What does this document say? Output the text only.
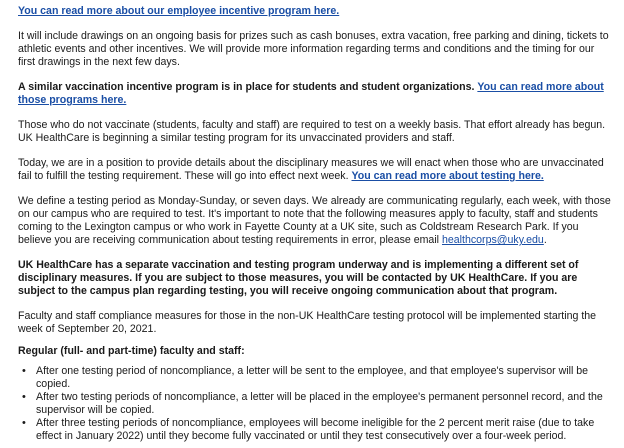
You can read more about our employee incentive program here.

It will include drawings on an ongoing basis for prizes such as cash bonuses, extra vacation, free parking and dining, tickets to athletic events and other incentives. We will provide more information regarding terms and conditions and the timing for our first drawings in the next few days.

A similar vaccination incentive program is in place for students and student organizations. You can read more about those programs here.

Those who do not vaccinate (students, faculty and staff) are required to test on a weekly basis. That effort already has begun. UK HealthCare is beginning a similar testing program for its unvaccinated providers and staff.

Today, we are in a position to provide details about the disciplinary measures we will enact when those who are unvaccinated fail to fulfill the testing requirement. These will go into effect next week. You can read more about testing here.

We define a testing period as Monday-Sunday, or seven days. We already are communicating regularly, each week, with those on our campus who are required to test. It's important to note that the following measures apply to faculty, staff and students coming to the Lexington campus or who work in Fayette County at a UK site, such as Coldstream Research Park. If you believe you are receiving communication about testing requirements in error, please email healthcorps@uky.edu.

UK HealthCare has a separate vaccination and testing program underway and is implementing a different set of disciplinary measures. If you are subject to those measures, you will be contacted by UK HealthCare. If you are subject to the campus plan regarding testing, you will receive ongoing communication about that program.

Faculty and staff compliance measures for those in the non-UK HealthCare testing protocol will be implemented starting the week of September 20, 2021.

Regular (full- and part-time) faculty and staff:

• After one testing period of noncompliance, a letter will be sent to the employee, and that employee's supervisor will be copied.
• After two testing periods of noncompliance, a letter will be placed in the employee's permanent personnel record, and the supervisor will be copied.
• After three testing periods of noncompliance, employees will become ineligible for the 2 percent merit raise (due to take effect in January 2022) until they become fully vaccinated or until they test consecutively over a four-week period.
